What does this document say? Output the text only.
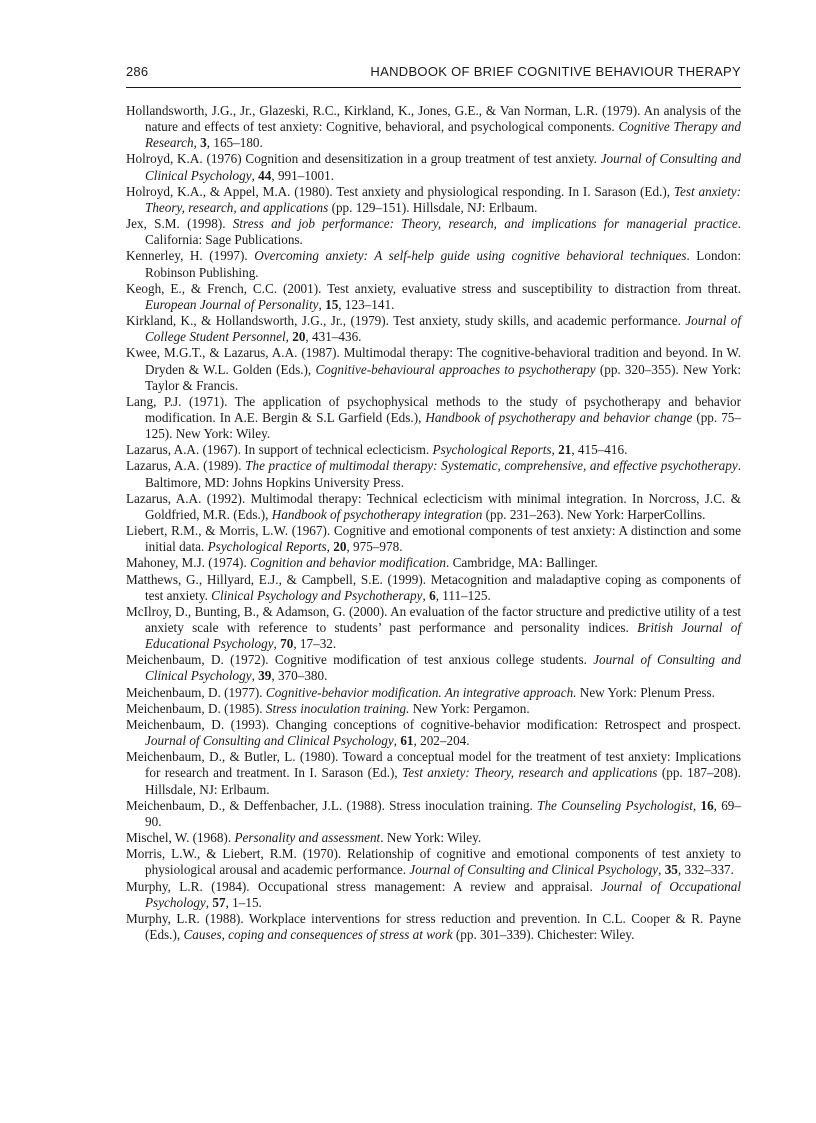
286	HANDBOOK OF BRIEF COGNITIVE BEHAVIOUR THERAPY

Hollandsworth, J.G., Jr., Glazeski, R.C., Kirkland, K., Jones, G.E., & Van Norman, L.R. (1979). An analysis of the nature and effects of test anxiety: Cognitive, behavioral, and psychological components. Cognitive Therapy and Research, 3, 165–180.

Holroyd, K.A. (1976) Cognition and desensitization in a group treatment of test anxiety. Journal of Consulting and Clinical Psychology, 44, 991–1001.

Holroyd, K.A., & Appel, M.A. (1980). Test anxiety and physiological responding. In I. Sarason (Ed.), Test anxiety: Theory, research, and applications (pp. 129–151). Hillsdale, NJ: Erlbaum.

Jex, S.M. (1998). Stress and job performance: Theory, research, and implications for managerial practice. California: Sage Publications.

Kennerley, H. (1997). Overcoming anxiety: A self-help guide using cognitive behavioral techniques. London: Robinson Publishing.

Keogh, E., & French, C.C. (2001). Test anxiety, evaluative stress and susceptibility to distraction from threat. European Journal of Personality, 15, 123–141.

Kirkland, K., & Hollandsworth, J.G., Jr., (1979). Test anxiety, study skills, and academic performance. Journal of College Student Personnel, 20, 431–436.

Kwee, M.G.T., & Lazarus, A.A. (1987). Multimodal therapy: The cognitive-behavioral tradition and beyond. In W. Dryden & W.L. Golden (Eds.), Cognitive-behavioural approaches to psychotherapy (pp. 320–355). New York: Taylor & Francis.

Lang, P.J. (1971). The application of psychophysical methods to the study of psychotherapy and behavior modification. In A.E. Bergin & S.L Garfield (Eds.), Handbook of psychotherapy and behavior change (pp. 75–125). New York: Wiley.

Lazarus, A.A. (1967). In support of technical eclecticism. Psychological Reports, 21, 415–416.

Lazarus, A.A. (1989). The practice of multimodal therapy: Systematic, comprehensive, and effective psychotherapy. Baltimore, MD: Johns Hopkins University Press.

Lazarus, A.A. (1992). Multimodal therapy: Technical eclecticism with minimal integration. In Norcross, J.C. & Goldfried, M.R. (Eds.), Handbook of psychotherapy integration (pp. 231–263). New York: HarperCollins.

Liebert, R.M., & Morris, L.W. (1967). Cognitive and emotional components of test anxiety: A distinction and some initial data. Psychological Reports, 20, 975–978.

Mahoney, M.J. (1974). Cognition and behavior modification. Cambridge, MA: Ballinger.

Matthews, G., Hillyard, E.J., & Campbell, S.E. (1999). Metacognition and maladaptive coping as components of test anxiety. Clinical Psychology and Psychotherapy, 6, 111–125.

McIlroy, D., Bunting, B., & Adamson, G. (2000). An evaluation of the factor structure and predictive utility of a test anxiety scale with reference to students’ past performance and personality indices. British Journal of Educational Psychology, 70, 17–32.

Meichenbaum, D. (1972). Cognitive modification of test anxious college students. Journal of Consulting and Clinical Psychology, 39, 370–380.

Meichenbaum, D. (1977). Cognitive-behavior modification. An integrative approach. New York: Plenum Press.

Meichenbaum, D. (1985). Stress inoculation training. New York: Pergamon.

Meichenbaum, D. (1993). Changing conceptions of cognitive-behavior modification: Retrospect and prospect. Journal of Consulting and Clinical Psychology, 61, 202–204.

Meichenbaum, D., & Butler, L. (1980). Toward a conceptual model for the treatment of test anxiety: Implications for research and treatment. In I. Sarason (Ed.), Test anxiety: Theory, research and applications (pp. 187–208). Hillsdale, NJ: Erlbaum.

Meichenbaum, D., & Deffenbacher, J.L. (1988). Stress inoculation training. The Counseling Psychologist, 16, 69–90.

Mischel, W. (1968). Personality and assessment. New York: Wiley.

Morris, L.W., & Liebert, R.M. (1970). Relationship of cognitive and emotional components of test anxiety to physiological arousal and academic performance. Journal of Consulting and Clinical Psychology, 35, 332–337.

Murphy, L.R. (1984). Occupational stress management: A review and appraisal. Journal of Occupational Psychology, 57, 1–15.

Murphy, L.R. (1988). Workplace interventions for stress reduction and prevention. In C.L. Cooper & R. Payne (Eds.), Causes, coping and consequences of stress at work (pp. 301–339). Chichester: Wiley.
